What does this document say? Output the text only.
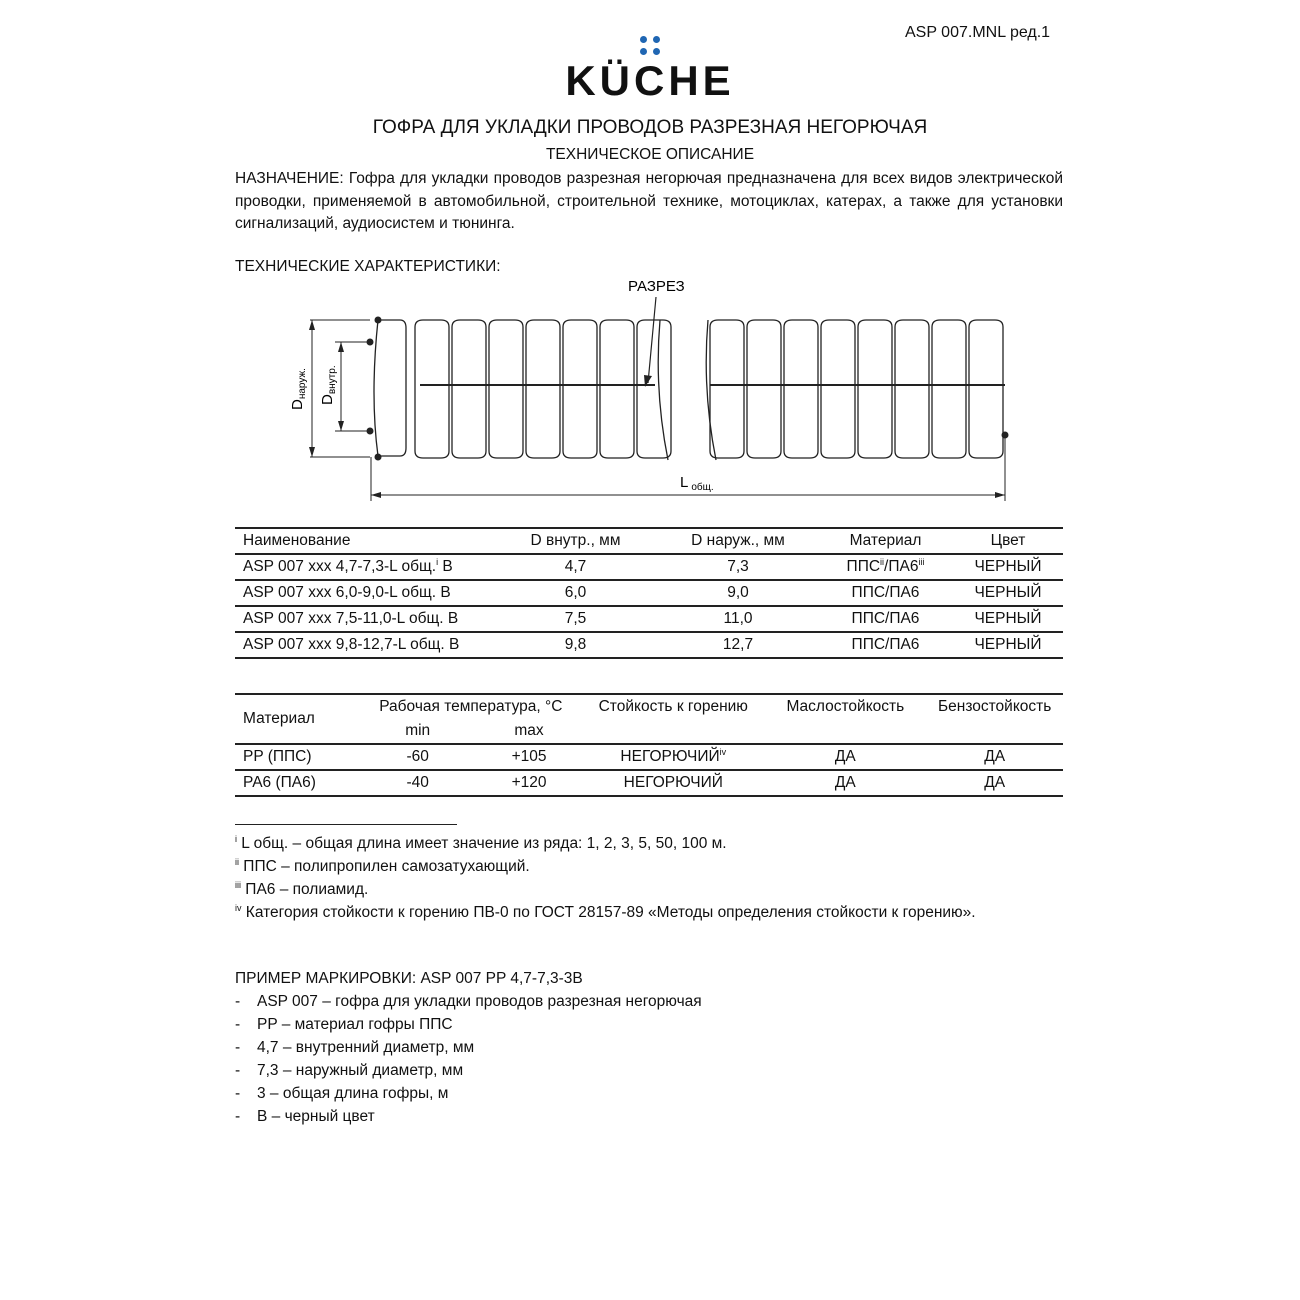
ASP 007.MNL ред.1
KÜCHE
ГОФРА ДЛЯ УКЛАДКИ ПРОВОДОВ РАЗРЕЗНАЯ НЕГОРЮЧАЯ
ТЕХНИЧЕСКОЕ ОПИСАНИЕ
НАЗНАЧЕНИЕ: Гофра для укладки проводов разрезная негорючая предназначена для всех видов электрической проводки, применяемой в автомобильной, строительной технике, мотоциклах, катерах, а также для установки сигнализаций, аудиосистем и тюнинга.
ТЕХНИЧЕСКИЕ ХАРАКТЕРИСТИКИ:
РАЗРЕЗ
$D_{наруж.}$
$D_{внутр.}$
L $_{общ.}$
Наименование	D внутр., мм	D наруж., мм	Материал	Цвет
ASP 007 xxx 4,7-7,3-L общ.$^i$ B	4,7	7,3	ППС$^{ii}$/ПА6$^{iii}$	ЧЕРНЫЙ
ASP 007 xxx 6,0-9,0-L общ. B	6,0	9,0	ППС/ПА6	ЧЕРНЫЙ
ASP 007 xxx 7,5-11,0-L общ. B	7,5	11,0	ППС/ПА6	ЧЕРНЫЙ
ASP 007 xxx 9,8-12,7-L общ. B	9,8	12,7	ППС/ПА6	ЧЕРНЫЙ
Материал	Рабочая температура, °С		Стойкость к горению	Маслостойкость	Бензостойкость
	min	max			
PP (ППС)	-60	+105	НЕГОРЮЧИЙ$^{iv}$	ДА	ДА
PA6 (ПА6)	-40	+120	НЕГОРЮЧИЙ	ДА	ДА
$^i$ L общ. – общая длина имеет значение из ряда: 1, 2, 3, 5, 50, 100 м.
$^{ii}$ ППС – полипропилен самозатухающий.
$^{iii}$ ПА6 – полиамид.
$^{iv}$ Категория стойкости к горению ПВ-0 по ГОСТ 28157-89 «Методы определения стойкости к горению».
ПРИМЕР МАРКИРОВКИ: ASP 007 PP 4,7-7,3-3B
-	ASP 007 – гофра для укладки проводов разрезная негорючая
-	PP – материал гофры ППС
-	4,7 – внутренний диаметр, мм
-	7,3 – наружный диаметр, мм
-	3 – общая длина гофры, м
-	B – черный цвет
